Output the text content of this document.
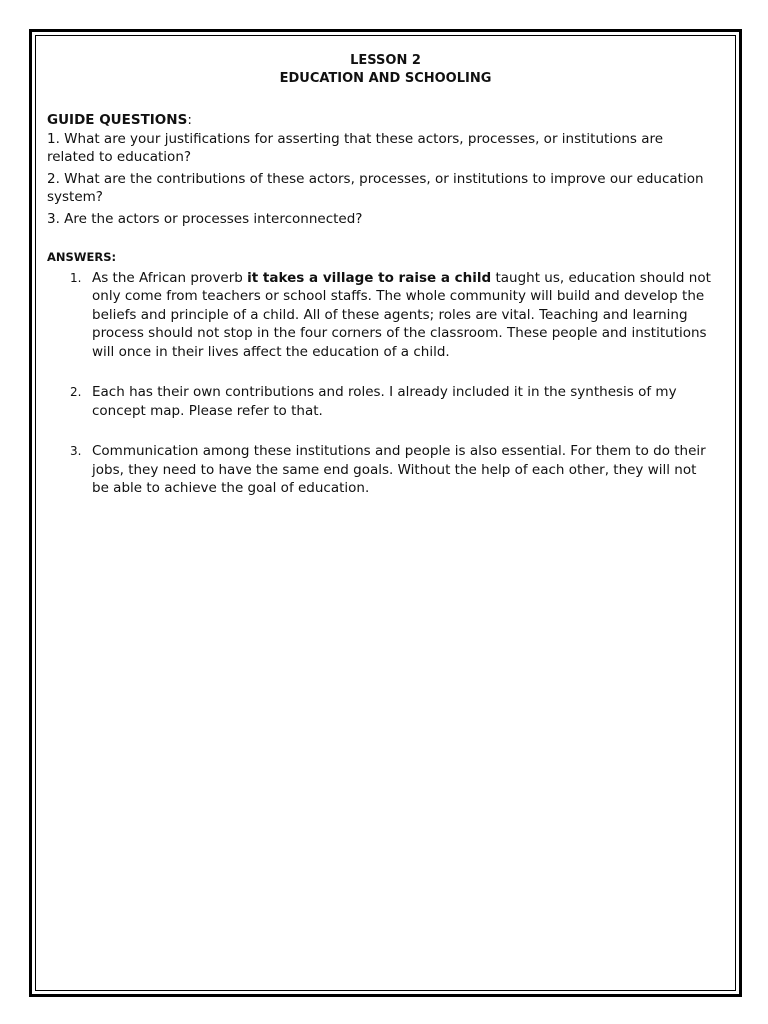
LESSON 2
EDUCATION AND SCHOOLING

GUIDE QUESTIONS:

1. What are your justifications for asserting that these actors, processes, or institutions are related to education?

2. What are the contributions of these actors, processes, or institutions to improve our education system?

3. Are the actors or processes interconnected?

ANSWERS:

1. As the African proverb it takes a village to raise a child taught us, education should not only come from teachers or school staffs. The whole community will build and develop the beliefs and principle of a child. All of these agents; roles are vital. Teaching and learning process should not stop in the four corners of the classroom. These people and institutions will once in their lives affect the education of a child.
2. Each has their own contributions and roles. I already included it in the synthesis of my concept map. Please refer to that.
3. Communication among these institutions and people is also essential. For them to do their jobs, they need to have the same end goals. Without the help of each other, they will not be able to achieve the goal of education.
